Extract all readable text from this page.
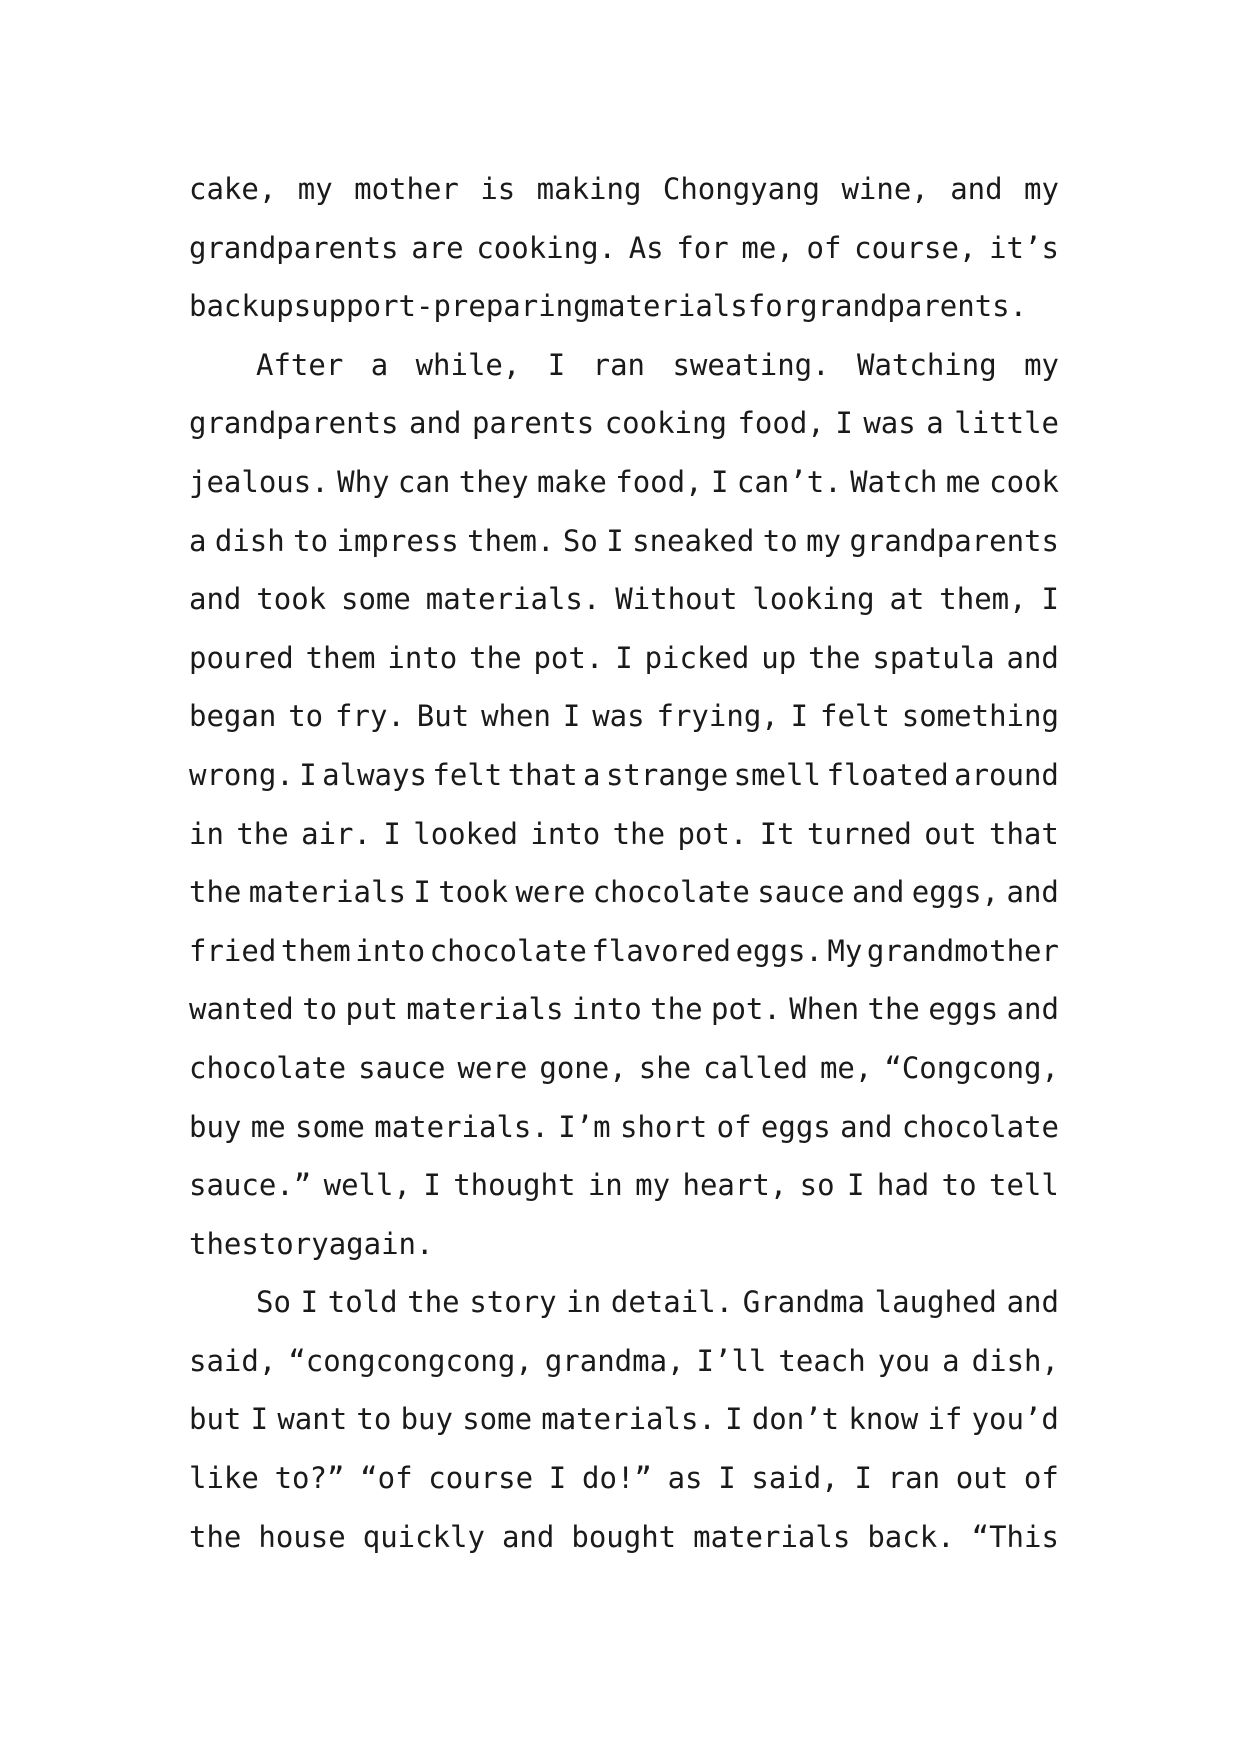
cake, my mother is making Chongyang wine, and my
grandparents are cooking. As for me, of course, it’s
backup support - preparing materials for grandparents.
After a while, I ran sweating. Watching my
grandparents and parents cooking food, I was a little
jealous. Why can they make food, I can’t. Watch me cook
a dish to impress them. So I sneaked to my grandparents
and took some materials. Without looking at them, I
poured them into the pot. I picked up the spatula and
began to fry. But when I was frying, I felt something
wrong. I always felt that a strange smell floated around
in the air. I looked into the pot. It turned out that
the materials I took were chocolate sauce and eggs, and
fried them into chocolate flavored eggs. My grandmother
wanted to put materials into the pot. When the eggs and
chocolate sauce were gone, she called me, “Congcong,
buy me some materials. I’m short of eggs and chocolate
sauce.” well, I thought in my heart, so I had to tell
the story again.
So I told the story in detail. Grandma laughed and
said, “congcongcong, grandma, I’ll teach you a dish,
but I want to buy some materials. I don’t know if you’d
like to?” “of course I do!” as I said, I ran out of
the house quickly and bought materials back. “This
